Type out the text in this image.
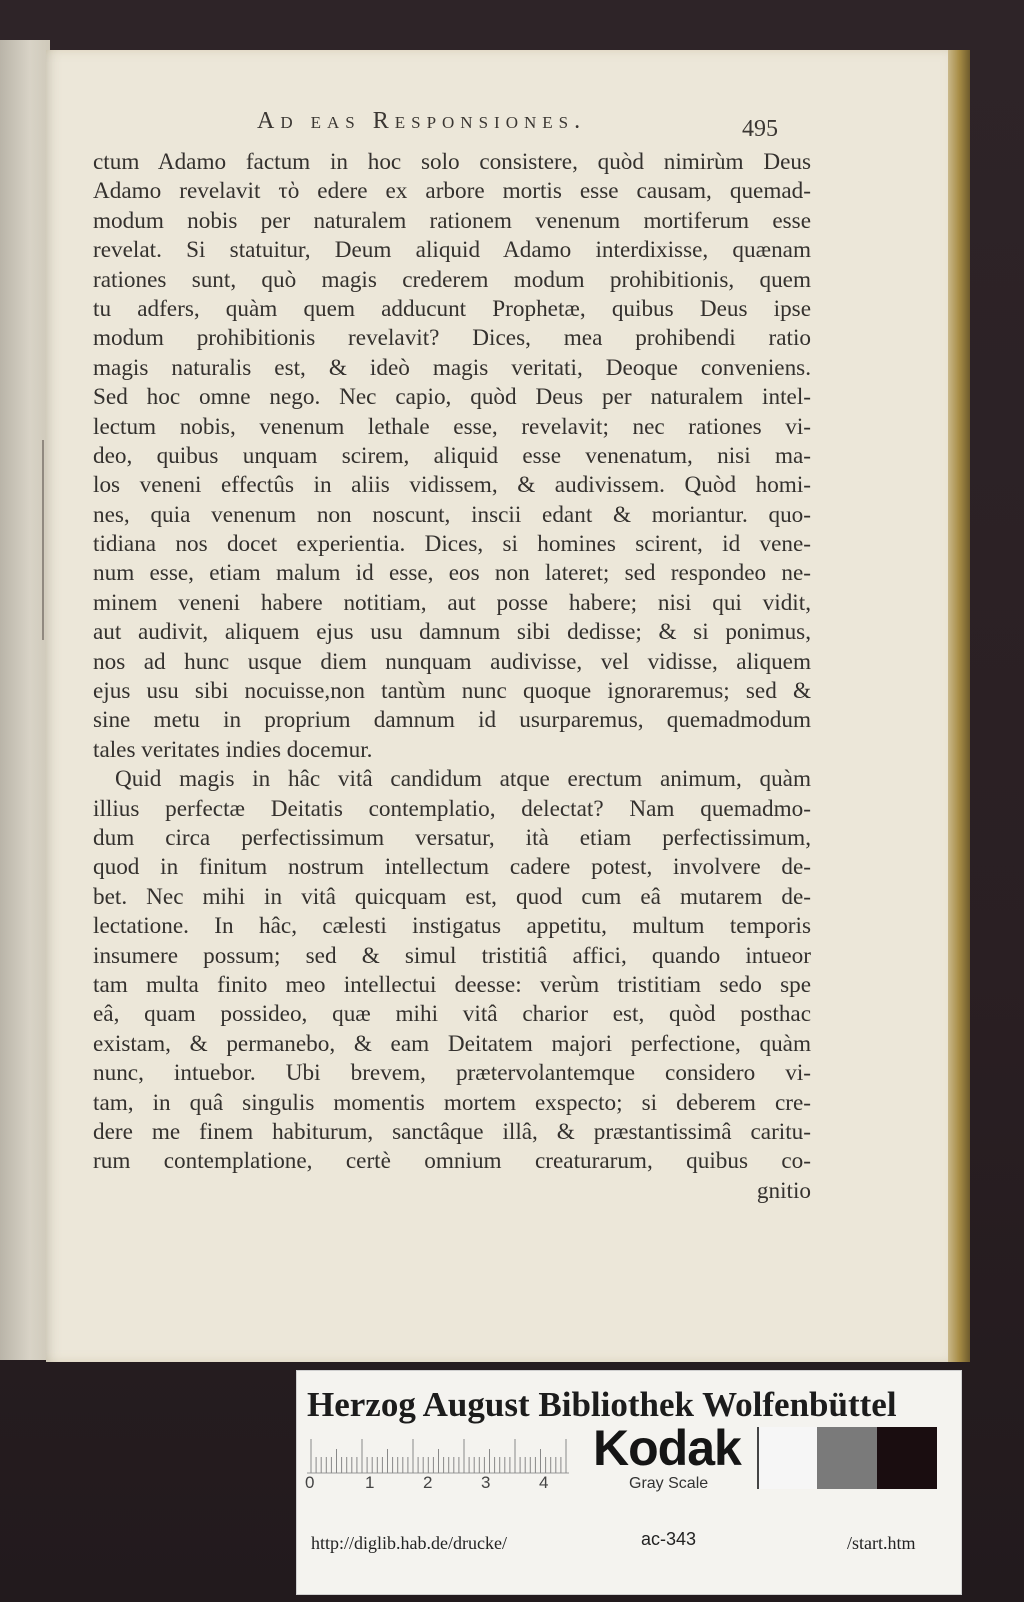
Ad eas Responsiones.	495
ctum Adamo factum in hoc solo consistere, quòd nimirùm Deus
Adamo revelavit τὸ edere ex arbore mortis esse causam, quemad-
modum nobis per naturalem rationem venenum mortiferum esse
revelat. Si statuitur, Deum aliquid Adamo interdixisse, quænam
rationes sunt, quò magis crederem modum prohibitionis, quem
tu adfers, quàm quem adducunt Prophetæ, quibus Deus ipse
modum prohibitionis revelavit? Dices, mea prohibendi ratio
magis naturalis est, & ideò magis veritati, Deoque conveniens.
Sed hoc omne nego. Nec capio, quòd Deus per naturalem intel-
lectum nobis, venenum lethale esse, revelavit; nec rationes vi-
deo, quibus unquam scirem, aliquid esse venenatum, nisi ma-
los veneni effectûs in aliis vidissem, & audivissem. Quòd homi-
nes, quia venenum non noscunt, inscii edant & moriantur. quo-
tidiana nos docet experientia. Dices, si homines scirent, id vene-
num esse, etiam malum id esse, eos non lateret; sed respondeo ne-
minem veneni habere notitiam, aut posse habere; nisi qui vidit,
aut audivit, aliquem ejus usu damnum sibi dedisse; & si ponimus,
nos ad hunc usque diem nunquam audivisse, vel vidisse, aliquem
ejus usu sibi nocuisse,non tantùm nunc quoque ignoraremus; sed &
sine metu in proprium damnum id usurparemus, quemadmodum
tales veritates indies docemur.
Quid magis in hâc vitâ candidum atque erectum animum, quàm
illius perfectæ Deitatis contemplatio, delectat? Nam quemadmo-
dum circa perfectissimum versatur, ità etiam perfectissimum,
quod in finitum nostrum intellectum cadere potest, involvere de-
bet. Nec mihi in vitâ quicquam est, quod cum eâ mutarem de-
lectatione. In hâc, cælesti instigatus appetitu, multum temporis
insumere possum; sed & simul tristitiâ affici, quando intueor
tam multa finito meo intellectui deesse: verùm tristitiam sedo spe
eâ, quam possideo, quæ mihi vitâ charior est, quòd posthac
existam, & permanebo, & eam Deitatem majori perfectione, quàm
nunc, intuebor. Ubi brevem, prætervolantemque considero vi-
tam, in quâ singulis momentis mortem exspecto; si deberem cre-
dere me finem habiturum, sanctâque illâ, & præstantissimâ caritu-
rum contemplatione, certè omnium creaturarum, quibus co-
gnitio
Herzog August Bibliothek Wolfenbüttel
0	1	2	3	4
Kodak
Gray Scale
http://diglib.hab.de/drucke/	ac-343	/start.htm
